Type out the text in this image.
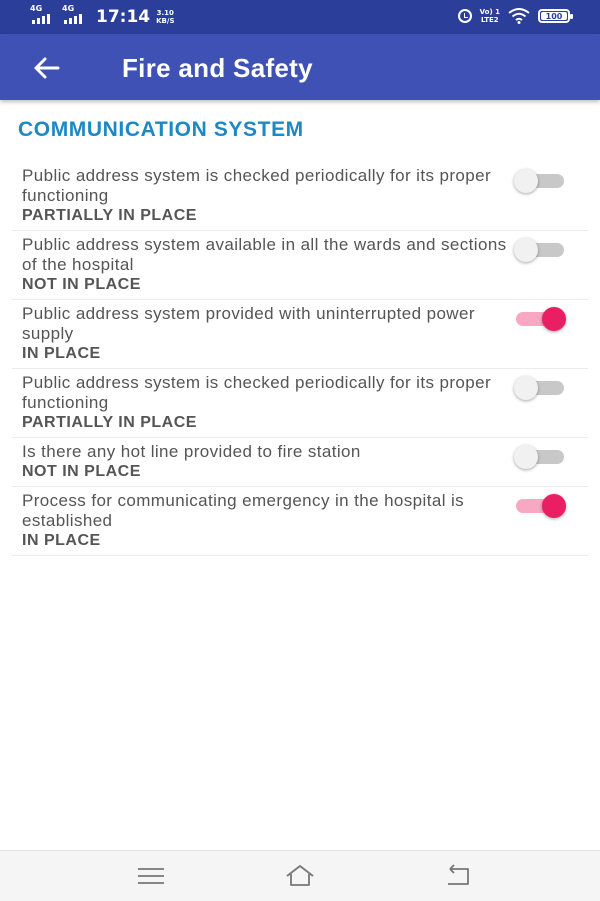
4G 4G 17:14 3.10
KB/S
Vo) 1
LTE2	100
Fire and Safety
COMMUNICATION SYSTEM
Public address system is checked periodically for its proper functioning
PARTIALLY IN PLACE
Public address system available in all the wards and sections of the hospital
NOT IN PLACE
Public address system provided with uninterrupted power supply
IN PLACE
Public address system is checked periodically for its proper functioning
PARTIALLY IN PLACE
Is there any hot line provided to fire station
NOT IN PLACE
Process for communicating emergency in the hospital is established
IN PLACE
